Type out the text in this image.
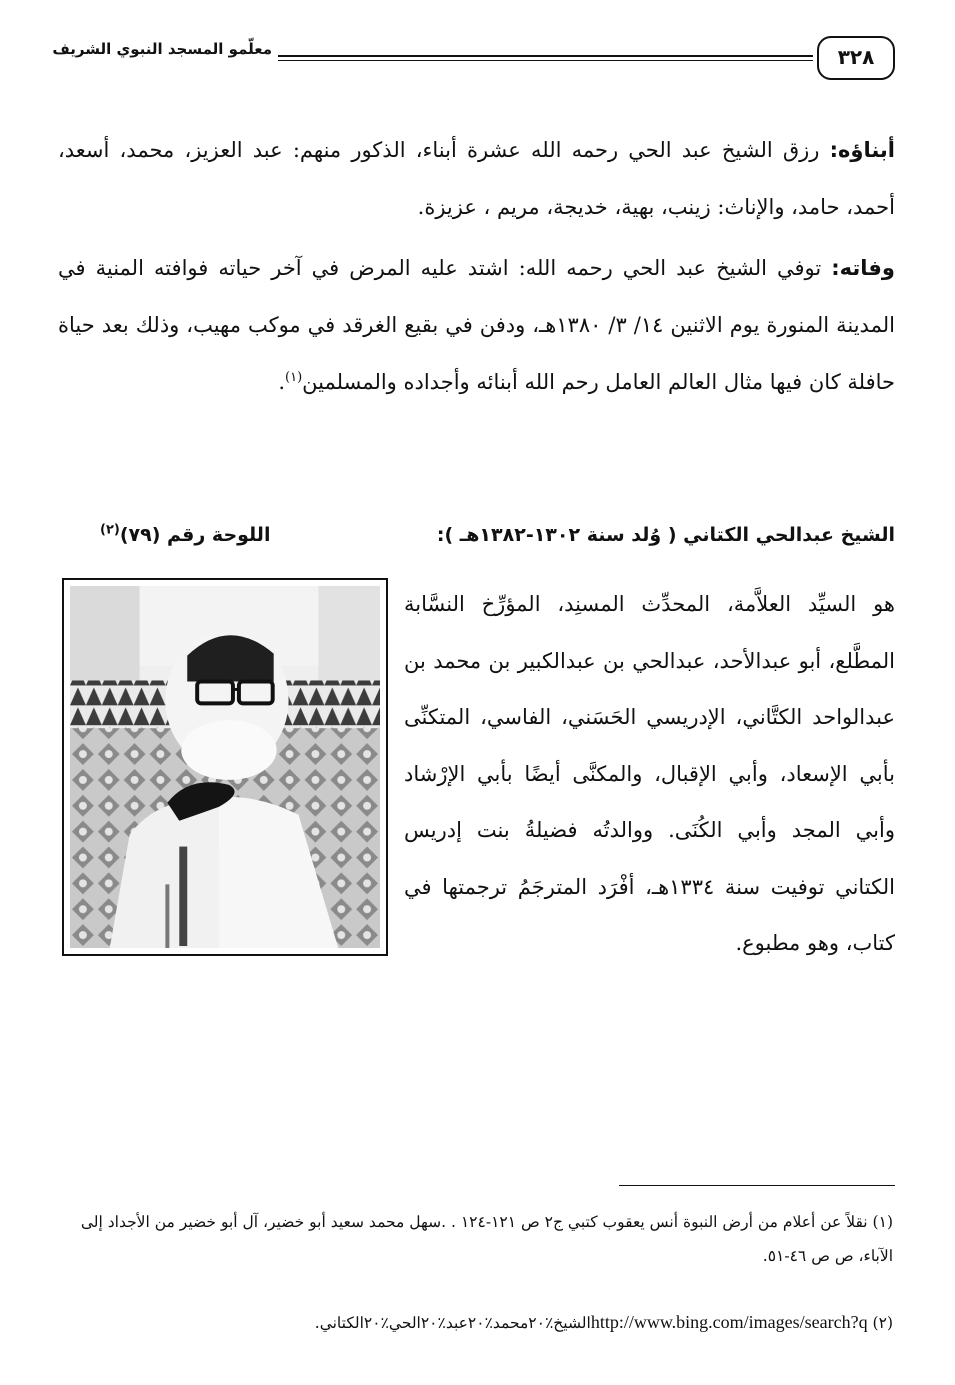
٣٢٨
معلّمو المسجد النبوي الشريف
أبناؤه: رزق الشيخ عبد الحي رحمه الله عشرة أبناء، الذكور منهم: عبد العزيز، محمد، أسعد، أحمد، حامد، والإناث: زينب، بهية، خديجة، مريم ، عزيزة.
وفاته: توفي الشيخ عبد الحي رحمه الله: اشتد عليه المرض في آخر حياته فوافته المنية في المدينة المنورة يوم الاثنين ١٤/ ٣/ ١٣٨٠هـ، ودفن في بقيع الغرقد في موكب مهيب، وذلك بعد حياة حافلة كان فيها مثال العالم العامل رحم الله أبنائه وأجداده والمسلمين$^{(١)}$.
الشيخ عبدالحي الكتاني ( وُلد سنة ١٣٠٢-١٣٨٢هـ ):
اللوحة رقم (٧٩)$^{(٢)}$
هو السيِّد العلاَّمة، المحدِّث المسنِد، المؤرِّخ النسَّابة المطَّلع، أبو عبدالأحد، عبدالحي بن عبدالكبير بن محمد بن عبدالواحد الكتَّاني، الإدريسي الحَسَني، الفاسي، المتكنِّى بأبي الإسعاد، وأبي الإقبال، والمكنَّى أيضًا بأبي الإرْشاد وأبي المجد وأبي الكُنَى. ووالدتُه فضيلةُ بنت إدريس الكتاني توفيت سنة ١٣٣٤هـ، أفْرَد المترجَمُ ترجمتها في كتاب، وهو مطبوع.
(١) نقلاً عن أعلام من أرض النبوة أنس يعقوب كتبي ج٢ ص ١٢١-١٢٤ . .سهل محمد سعيد أبو خضير، آل أبو خضير من الأجداد إلى الآباء، ص ص ٤٦-٥١.
(٢) http://www.bing.com/images/search?qالشيخ٪٢٠محمد٪٢٠عبد٪٢٠الحي٪٢٠الكتاني.
